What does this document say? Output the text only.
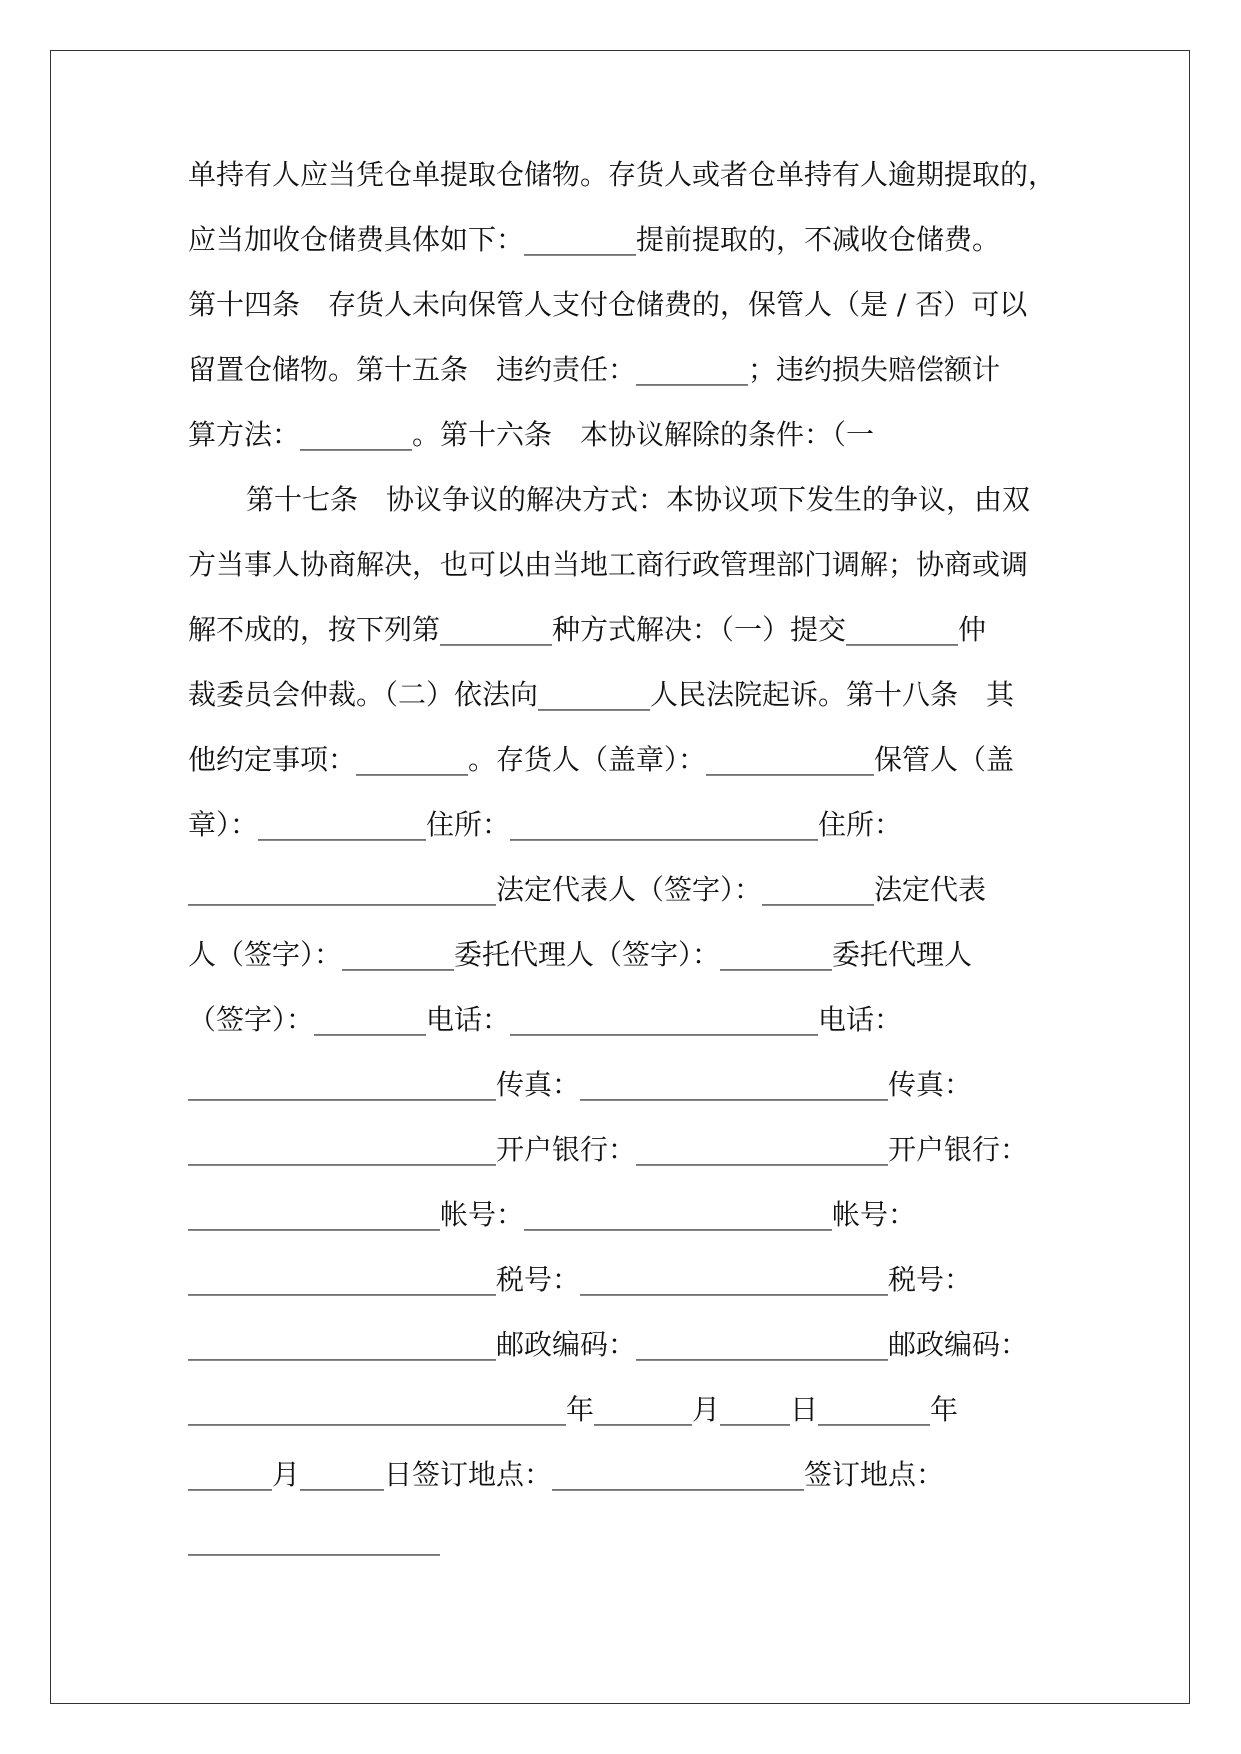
单持有人应当凭仓单提取仓储物。存货人或者仓单持有人逾期提取的，
应当加收仓储费具体如下：________提前提取的，不减收仓储费。
第十四条　存货人未向保管人支付仓储费的，保管人（是 / 否）可以
留置仓储物。第十五条　违约责任：________；违约损失赔偿额计
算方法：________。第十六条　本协议解除的条件：（一
第十七条　协议争议的解决方式：本协议项下发生的争议，由双
方当事人协商解决，也可以由当地工商行政管理部门调解；协商或调
解不成的，按下列第________种方式解决：（一）提交________仲
裁委员会仲裁。（二）依法向________人民法院起诉。第十八条　其
他约定事项：________。存货人（盖章）：____________保管人（盖
章）：____________住所：______________________住所：
______________________法定代表人（签字）：________法定代表
人（签字）：________委托代理人（签字）：________委托代理人
（签字）：________电话：______________________电话：
______________________传真：______________________传真：
______________________开户银行：__________________开户银行：
__________________帐号：______________________帐号：
______________________税号：______________________税号：
______________________邮政编码：__________________邮政编码：
___________________________年_______月_____日________年
______月______日签订地点：__________________签订地点：
__________________
